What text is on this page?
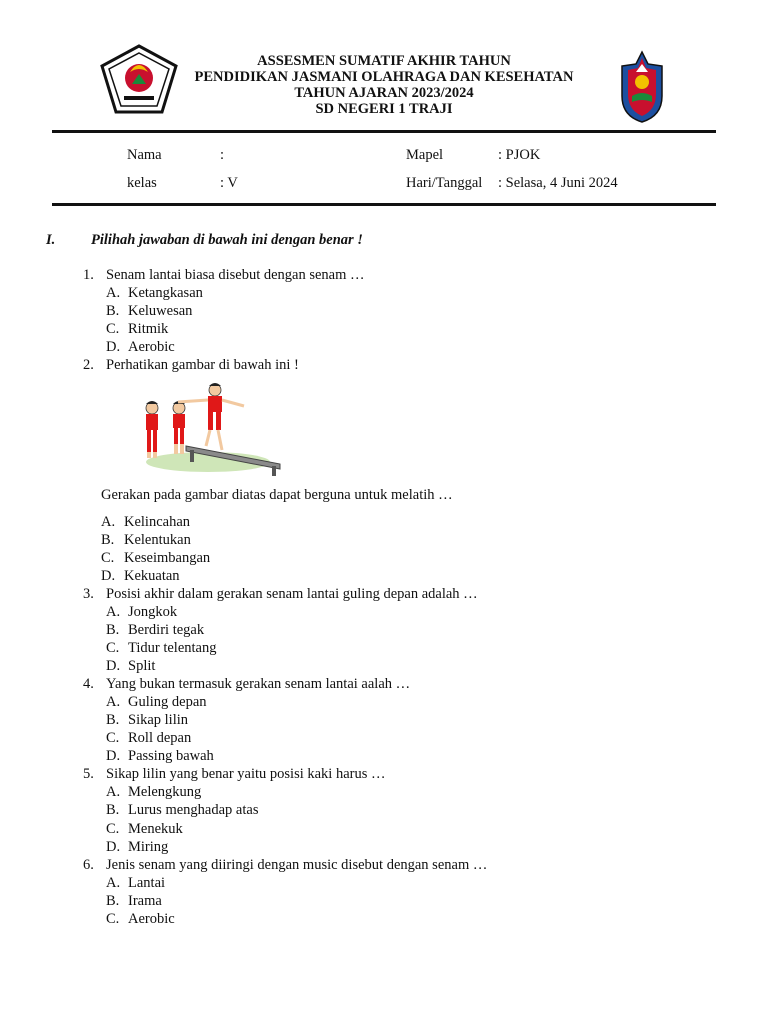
ASSESMEN SUMATIF AKHIR TAHUN
PENDIDIKAN JASMANI OLAHRAGA DAN KESEHATAN
TAHUN AJARAN 2023/2024
SD NEGERI 1 TRAJI
Nama	:	Mapel	: PJOK
kelas	: V	Hari/Tanggal : Selasa, 4 Juni 2024
I. Pilihah jawaban di bawah ini dengan benar !
1. Senam lantai biasa disebut dengan senam …
A. Ketangkasan
B. Keluwesan
C. Ritmik
D. Aerobic
2. Perhatikan gambar di bawah ini !
Gerakan pada gambar diatas dapat berguna untuk melatih …
A. Kelincahan
B. Kelentukan
C. Keseimbangan
D. Kekuatan
3. Posisi akhir dalam gerakan senam lantai guling depan adalah …
A. Jongkok
B. Berdiri tegak
C. Tidur telentang
D. Split
4. Yang bukan termasuk gerakan senam lantai aalah …
A. Guling depan
B. Sikap lilin
C. Roll depan
D. Passing bawah
5. Sikap lilin yang benar yaitu posisi kaki harus …
A. Melengkung
B. Lurus menghadap atas
C. Menekuk
D. Miring
6. Jenis senam yang diiringi dengan music disebut dengan senam …
A. Lantai
B. Irama
C. Aerobic
